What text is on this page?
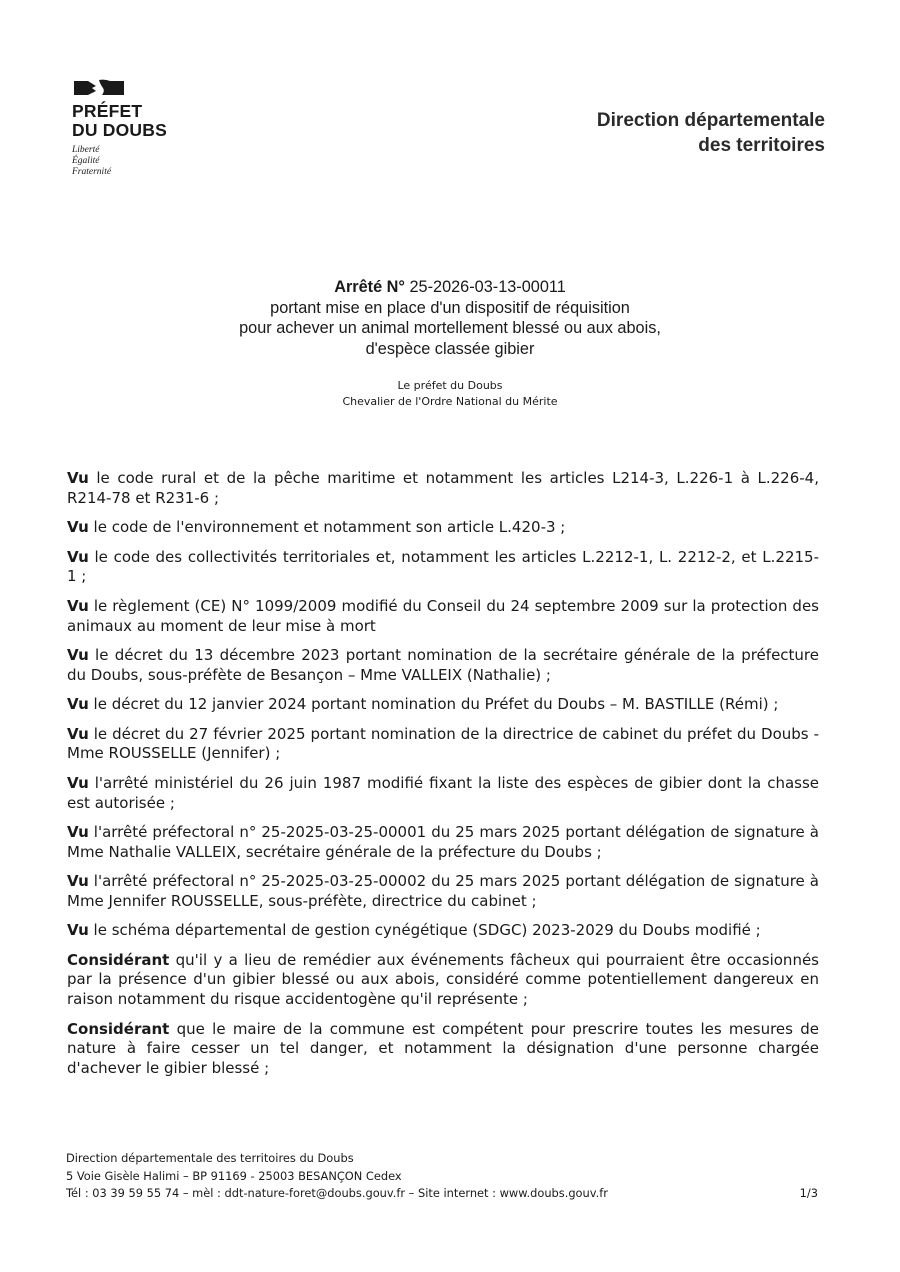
PRÉFET
DU DOUBS
Liberté
Égalité
Fraternité
Direction départementale
des territoires
Arrêté N° 25-2026-03-13-00011
portant mise en place d'un dispositif de réquisition
pour achever un animal mortellement blessé ou aux abois,
d'espèce classée gibier
Le préfet du Doubs
Chevalier de l'Ordre National du Mérite

Vu le code rural et de la pêche maritime et notamment les articles L214-3, L.226-1 à L.226-4, R214-78 et R231-6 ;

Vu le code de l'environnement et notamment son article L.420-3 ;

Vu le code des collectivités territoriales et, notamment les articles L.2212-1, L. 2212-2, et L.2215- 1 ;

Vu le règlement (CE) N° 1099/2009 modifié du Conseil du 24 septembre 2009 sur la protection des animaux au moment de leur mise à mort

Vu le décret du 13 décembre 2023 portant nomination de la secrétaire générale de la préfecture du Doubs, sous-préfète de Besançon – Mme VALLEIX (Nathalie) ;

Vu le décret du 12 janvier 2024 portant nomination du Préfet du Doubs – M. BASTILLE (Rémi) ;

Vu le décret du 27 février 2025 portant nomination de la directrice de cabinet du préfet du Doubs - Mme ROUSSELLE (Jennifer) ;

Vu l'arrêté ministériel du 26 juin 1987 modifié fixant la liste des espèces de gibier dont la chasse est autorisée ;

Vu l'arrêté préfectoral n° 25-2025-03-25-00001 du 25 mars 2025 portant délégation de signature à Mme Nathalie VALLEIX, secrétaire générale de la préfecture du Doubs ;

Vu l'arrêté préfectoral n° 25-2025-03-25-00002 du 25 mars 2025 portant délégation de signature à Mme Jennifer ROUSSELLE, sous-préfète, directrice du cabinet ;

Vu le schéma départemental de gestion cynégétique (SDGC) 2023-2029 du Doubs modifié ;

Considérant qu'il y a lieu de remédier aux événements fâcheux qui pourraient être occasionnés par la présence d'un gibier blessé ou aux abois, considéré comme potentiellement dangereux en raison notamment du risque accidentogène qu'il représente ;

Considérant que le maire de la commune est compétent pour prescrire toutes les mesures de nature à faire cesser un tel danger, et notamment la désignation d'une personne chargée d'achever le gibier blessé ;

Direction départementale des territoires du Doubs
5 Voie Gisèle Halimi – BP 91169 - 25003 BESANÇON Cedex
Tél : 03 39 59 55 74 – mèl : ddt-nature-foret@doubs.gouv.fr – Site internet : www.doubs.gouv.fr	1/3
